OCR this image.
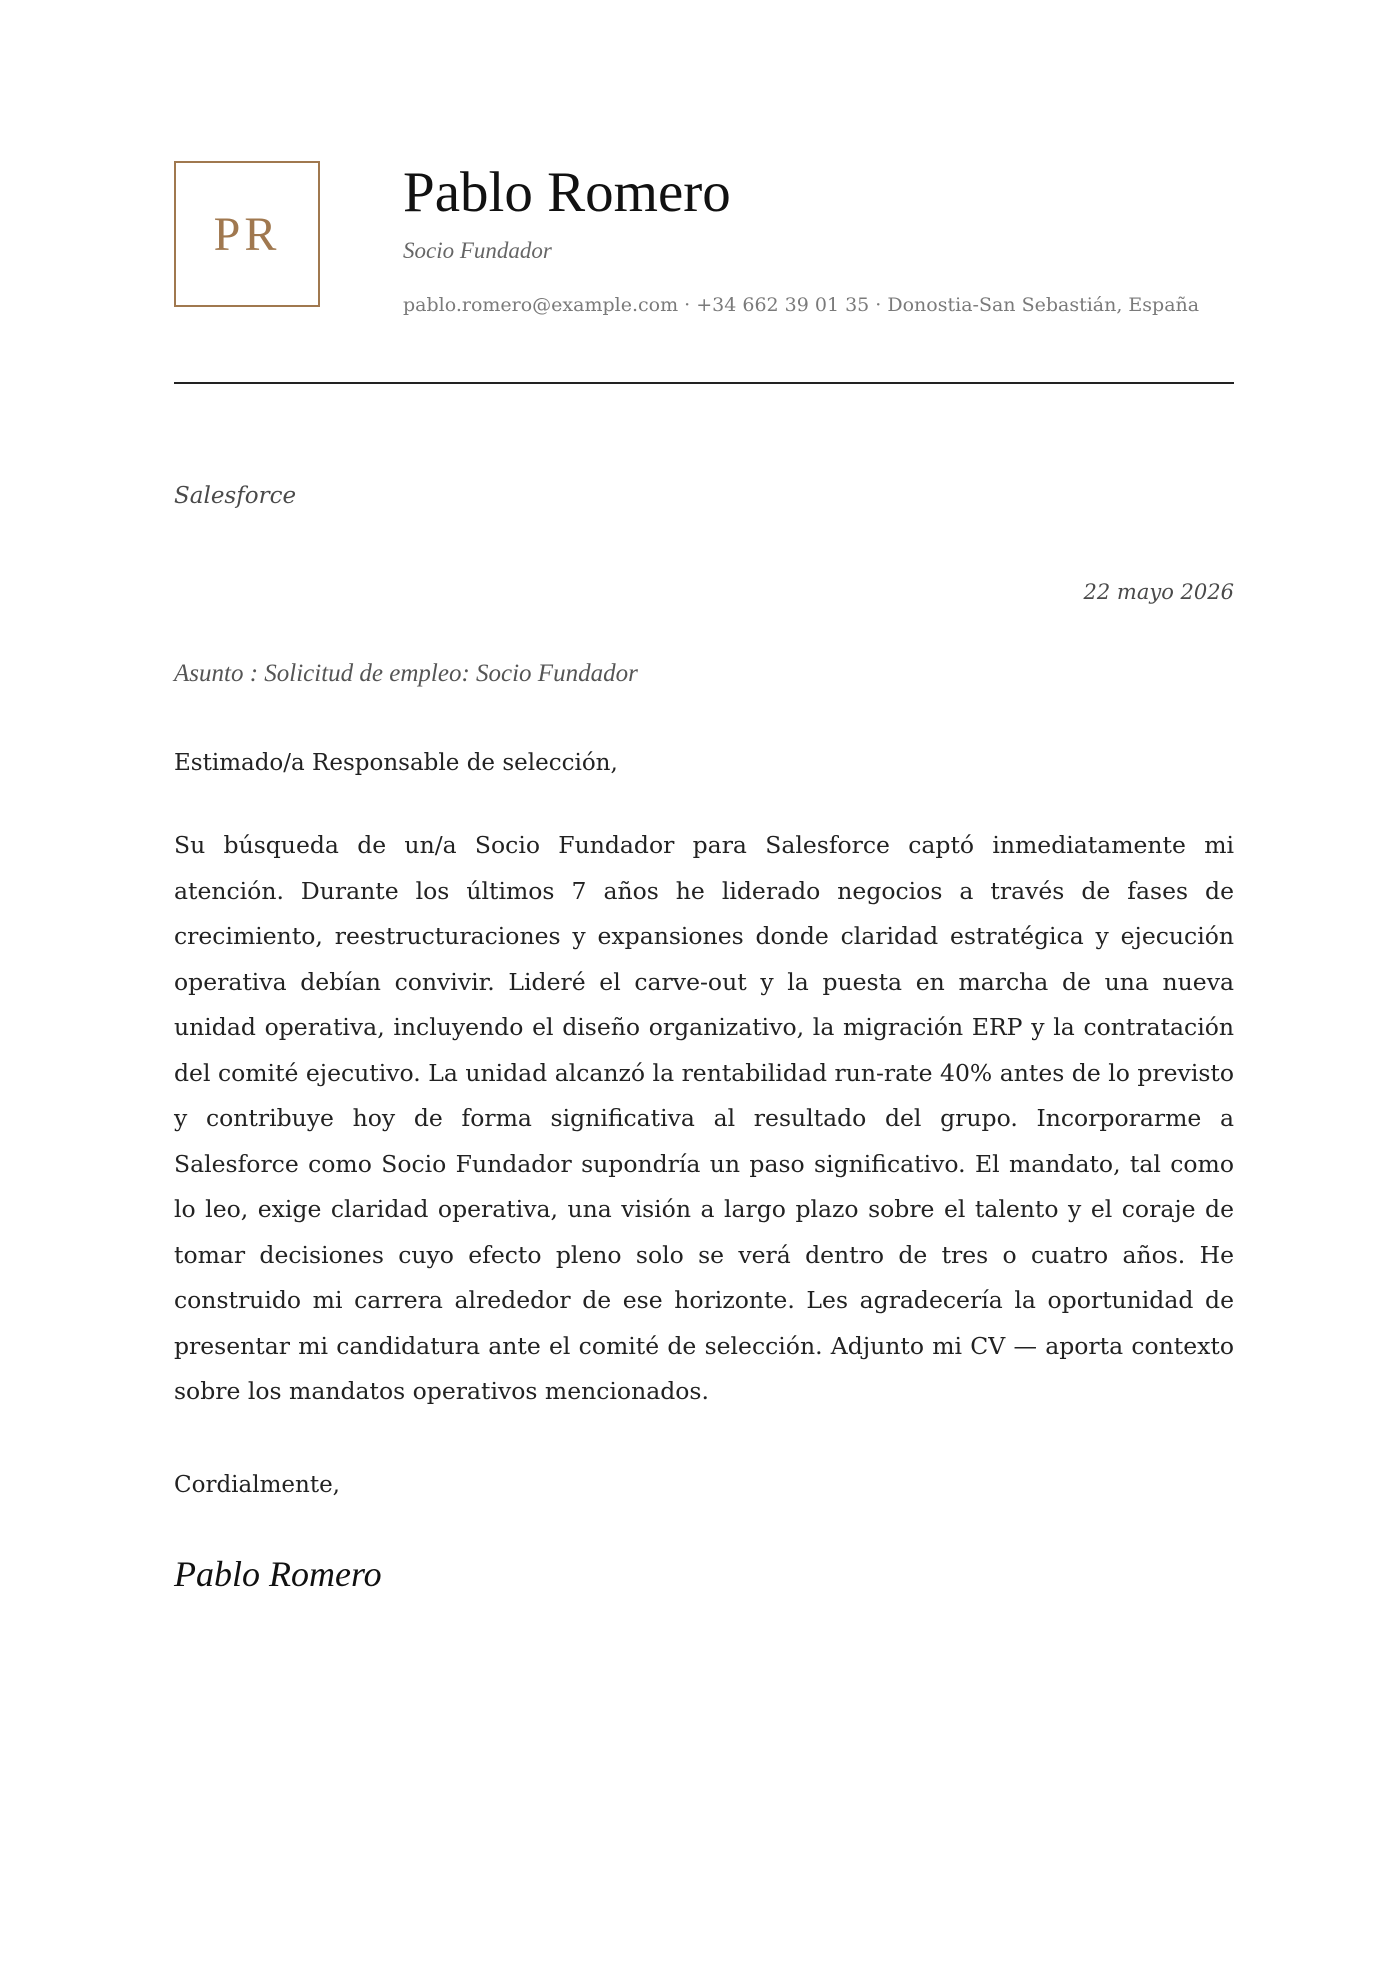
PR
Pablo Romero
Socio Fundador
pablo.romero@example.com · +34 662 39 01 35 · Donostia-San Sebastián, España
Salesforce
22 mayo 2026
Asunto : Solicitud de empleo: Socio Fundador
Estimado/a Responsable de selección,

Su búsqueda de un/a Socio Fundador para Salesforce captó inmediatamente mi atención. Durante los últimos 7 años he liderado negocios a través de fases de crecimiento, reestructuraciones y expansiones donde claridad estratégica y ejecución operativa debían convivir. Lideré el carve-out y la puesta en marcha de una nueva unidad operativa, incluyendo el diseño organizativo, la migración ERP y la contratación del comité ejecutivo. La unidad alcanzó la rentabilidad run-rate 40% antes de lo previsto y contribuye hoy de forma significativa al resultado del grupo. Incorporarme a Salesforce como Socio Fundador supondría un paso significativo. El mandato, tal como lo leo, exige claridad operativa, una visión a largo plazo sobre el talento y el coraje de tomar decisiones cuyo efecto pleno solo se verá dentro de tres o cuatro años. He construido mi carrera alrededor de ese horizonte. Les agradecería la oportunidad de presentar mi candidatura ante el comité de selección. Adjunto mi CV — aporta contexto sobre los mandatos operativos mencionados.

Cordialmente,
Pablo Romero
